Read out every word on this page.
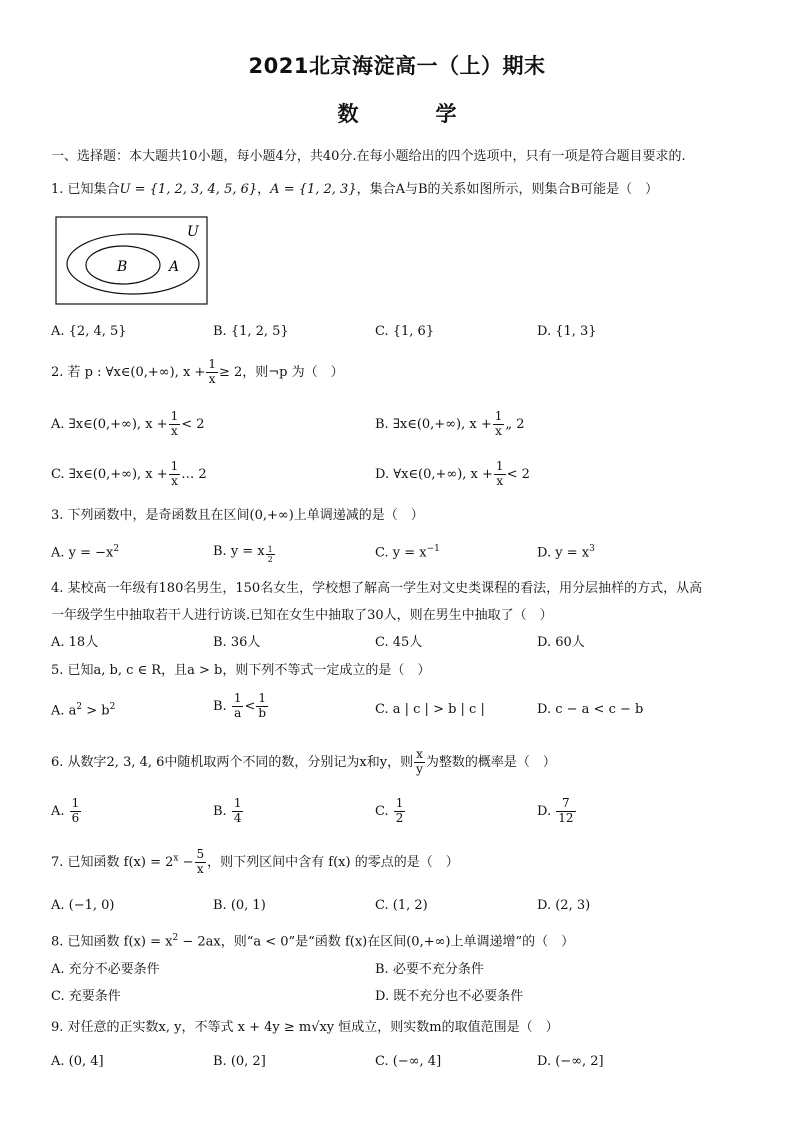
2021北京海淀高一（上）期末
数　学
一、选择题：本大题共10小题，每小题4分，共40分.在每小题给出的四个选项中，只有一项是符合题目要求的.
1. 已知集合U = {1, 2, 3, 4, 5, 6}，A = {1, 2, 3}，集合A与B的关系如图所示，则集合B可能是（　）
U
B	A
A. {2, 4, 5}	B. {1, 2, 5}	C. {1, 6}	D. {1, 3}
2. 若 p : ∀x∈(0,+∞), $x + \frac{1}{x} \ge 2$，则¬p 为（　）
A. ∃x∈(0,+∞), $x + \frac{1}{x} < 2$	B. ∃x∈(0,+∞), $x + \frac{1}{x}$ „ 2
C. ∃x∈(0,+∞), $x + \frac{1}{x}$ … 2	D. ∀x∈(0,+∞), $x + \frac{1}{x} < 2$
3. 下列函数中，是奇函数且在区间(0,+∞)上单调递减的是（　）
A. $y = -x^2$	B. y = x $^{\frac{1}{2}}$	C. $y = x^{-1}$	D. $y = x^3$
4. 某校高一年级有180名男生，150名女生，学校想了解高一学生对文史类课程的看法，用分层抽样的方式，从高
一年级学生中抽取若干人进行访谈.已知在女生中抽取了30人，则在男生中抽取了（　）
A. 18人	B. 36人	C. 45人	D. 60人
5. 已知a, b, c ∈ R，且a > b，则下列不等式一定成立的是（　）
A. $a^2 > b^2$	B. $\frac{1}{a} < \frac{1}{b}$	C. a | c | > b | c |	D. c − a < c − b
6. 从数字2, 3, 4, 6中随机取两个不同的数，分别记为x和y，则 $\frac{x}{y}$ 为整数的概率是（　）
A. $\frac{1}{6}$	B. $\frac{1}{4}$	C. $\frac{1}{2}$	D. $\frac{7}{12}$
7. 已知函数 $f(x) = 2^x - \frac{5}{x}$ ，则下列区间中含有 f(x) 的零点的是（　）
A. (−1, 0)	B. (0, 1)	C. (1, 2)	D. (2, 3)
8. 已知函数 $f(x) = x^2 - 2ax$，则“a < 0”是“函数 f(x)在区间(0,+∞)上单调递增”的（　）
A. 充分不必要条件	B. 必要不充分条件
C. 充要条件	D. 既不充分也不必要条件
9. 对任意的正实数x, y，不等式 x + 4y ≥ m√xy 恒成立，则实数m的取值范围是（　）
A. (0, 4]	B. (0, 2]	C. (−∞, 4]	D. (−∞, 2]
